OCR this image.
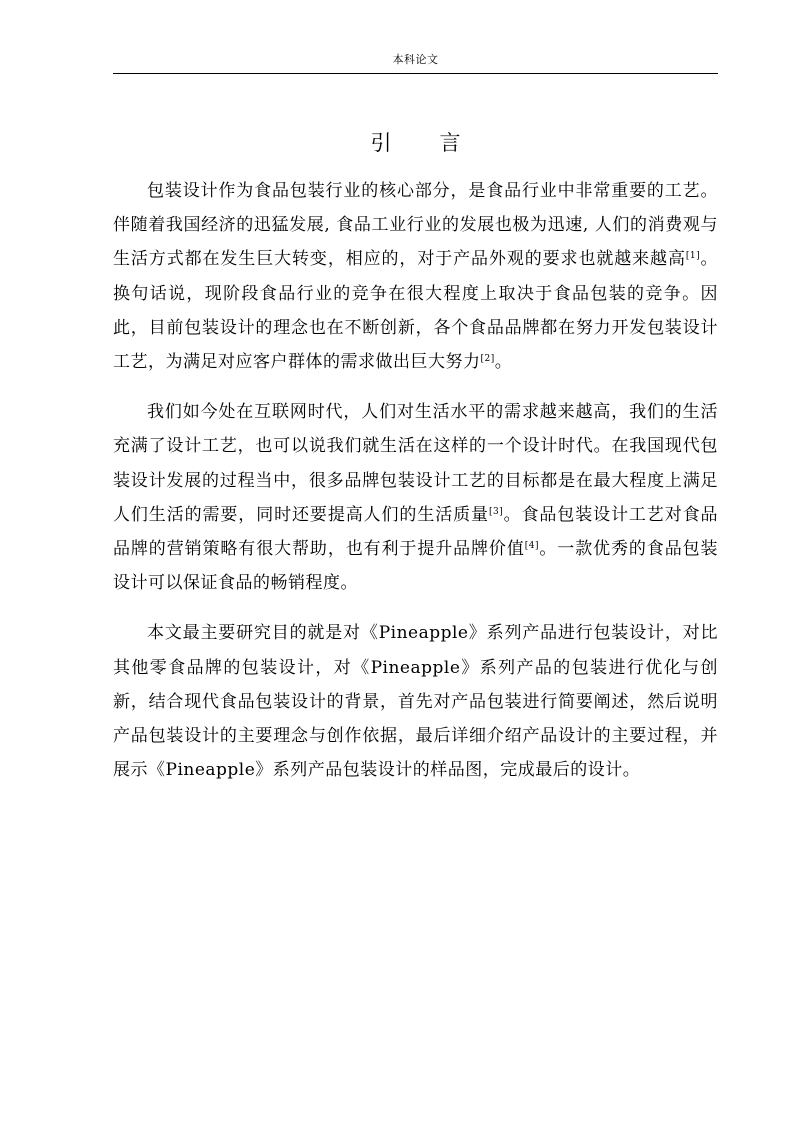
本科论文
引 言

包装设计作为食品包装行业的核心部分，是食品行业中非常重要的工艺。伴随着我国经济的迅猛发展, 食品工业行业的发展也极为迅速, 人们的消费观与生活方式都在发生巨大转变，相应的，对于产品外观的要求也就越来越高[1]。换句话说，现阶段食品行业的竞争在很大程度上取决于食品包装的竞争。因此，目前包装设计的理念也在不断创新，各个食品品牌都在努力开发包装设计工艺，为满足对应客户群体的需求做出巨大努力[2]。

我们如今处在互联网时代，人们对生活水平的需求越来越高，我们的生活充满了设计工艺，也可以说我们就生活在这样的一个设计时代。在我国现代包装设计发展的过程当中，很多品牌包装设计工艺的目标都是在最大程度上满足人们生活的需要，同时还要提高人们的生活质量[3]。食品包装设计工艺对食品品牌的营销策略有很大帮助，也有利于提升品牌价值[4]。一款优秀的食品包装设计可以保证食品的畅销程度。

本文最主要研究目的就是对《Pineapple》系列产品进行包装设计，对比其他零食品牌的包装设计，对《Pineapple》系列产品的包装进行优化与创新，结合现代食品包装设计的背景，首先对产品包装进行简要阐述，然后说明产品包装设计的主要理念与创作依据，最后详细介绍产品设计的主要过程，并展示《Pineapple》系列产品包装设计的样品图，完成最后的设计。
